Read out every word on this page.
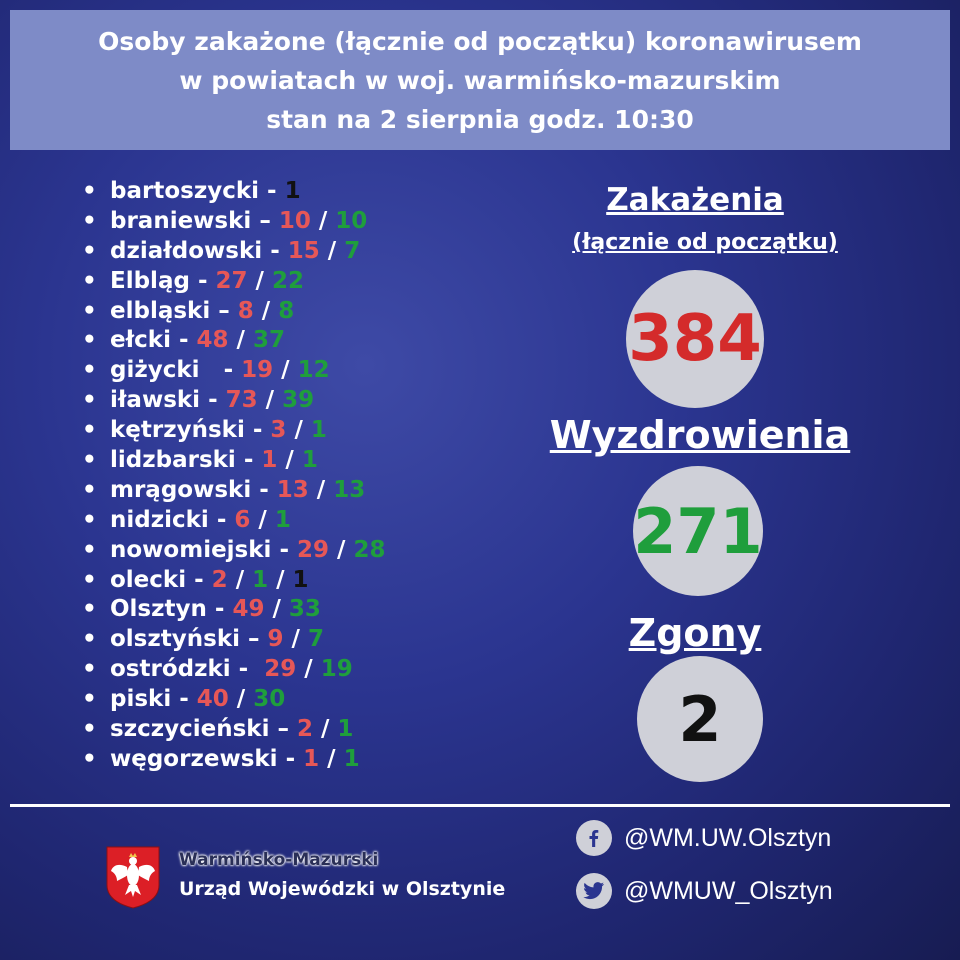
Osoby zakażone (łącznie od początku) koronawirusem
w powiatach w woj. warmińsko-mazurskim
stan na 2 sierpnia godz. 10:30
• bartoszycki - 1
• braniewski – 10 / 10
• działdowski - 15 / 7
• Elbląg - 27 / 22
• elbląski – 8 / 8
• ełcki - 48 / 37
• giżycki   - 19 / 12
• iławski - 73 / 39
• kętrzyński - 3 / 1
• lidzbarski - 1 / 1
• mrągowski - 13 / 13
• nidzicki - 6 / 1
• nowomiejski - 29 / 28
• olecki - 2 / 1 / 1
• Olsztyn - 49 / 33
• olsztyński – 9 / 7
• ostródzki -  29 / 19
• piski - 40 / 30
• szczycieński – 2 / 1
• węgorzewski - 1 / 1
Zakażenia
(łącznie od początku)
384
Wyzdrowienia
271
Zgony
2
Warmińsko-Mazurski
Urząd Wojewódzki w Olsztynie
@WM.UW.Olsztyn
@WMUW_Olsztyn
